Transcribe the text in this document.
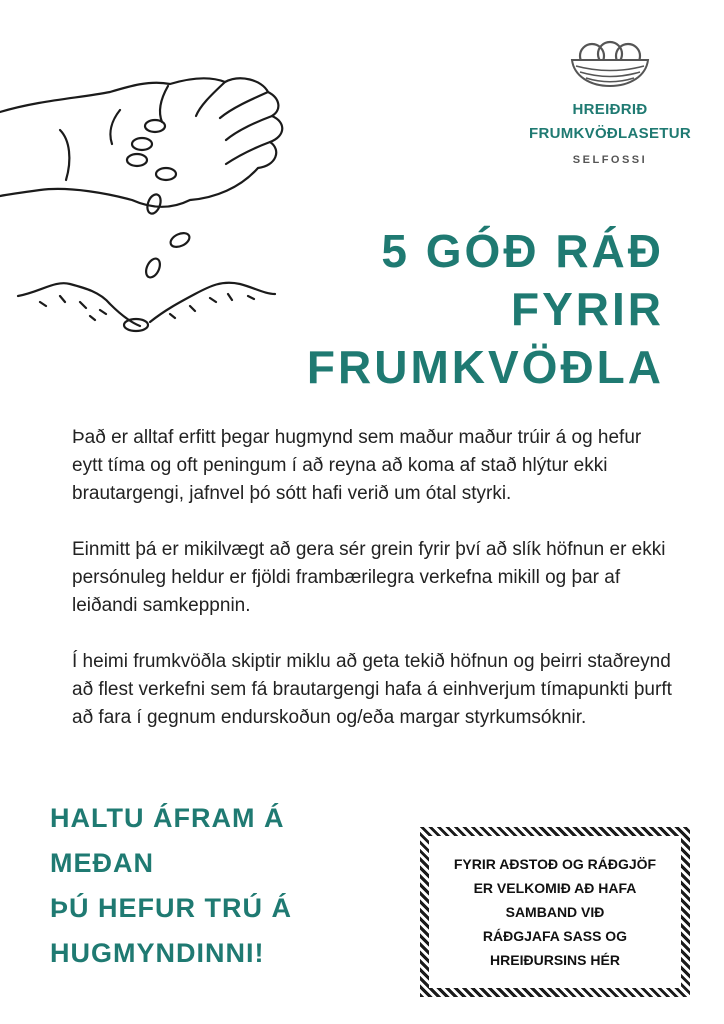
HREIÐRIÐ
FRUMKVÖÐLASETUR
SELFOSSI
5 GÓÐ RÁÐ
FYRIR
FRUMKVÖÐLA

Það er alltaf erfitt þegar hugmynd sem maður maður trúir á og hefur eytt tíma og oft peningum í að reyna að koma af stað hlýtur ekki brautargengi, jafnvel þó sótt hafi verið um ótal styrki.

Einmitt þá er mikilvægt að gera sér grein fyrir því að slík höfnun er ekki persónuleg heldur er fjöldi frambærilegra verkefna mikill og þar af leiðandi samkeppnin.

Í heimi frumkvöðla skiptir miklu að geta tekið höfnun og þeirri staðreynd að flest verkefni sem fá brautargengi hafa á einhverjum tímapunkti þurft að fara í gegnum endurskoðun og/eða margar styrkumsóknir.

HALTU ÁFRAM Á
MEÐAN
ÞÚ HEFUR TRÚ Á
HUGMYNDINNI!
FYRIR AÐSTOÐ OG RÁÐGJÖF
ER VELKOMIÐ AÐ HAFA
SAMBAND VIÐ
RÁÐGJAFA SASS OG
HREIÐURSINS HÉR
